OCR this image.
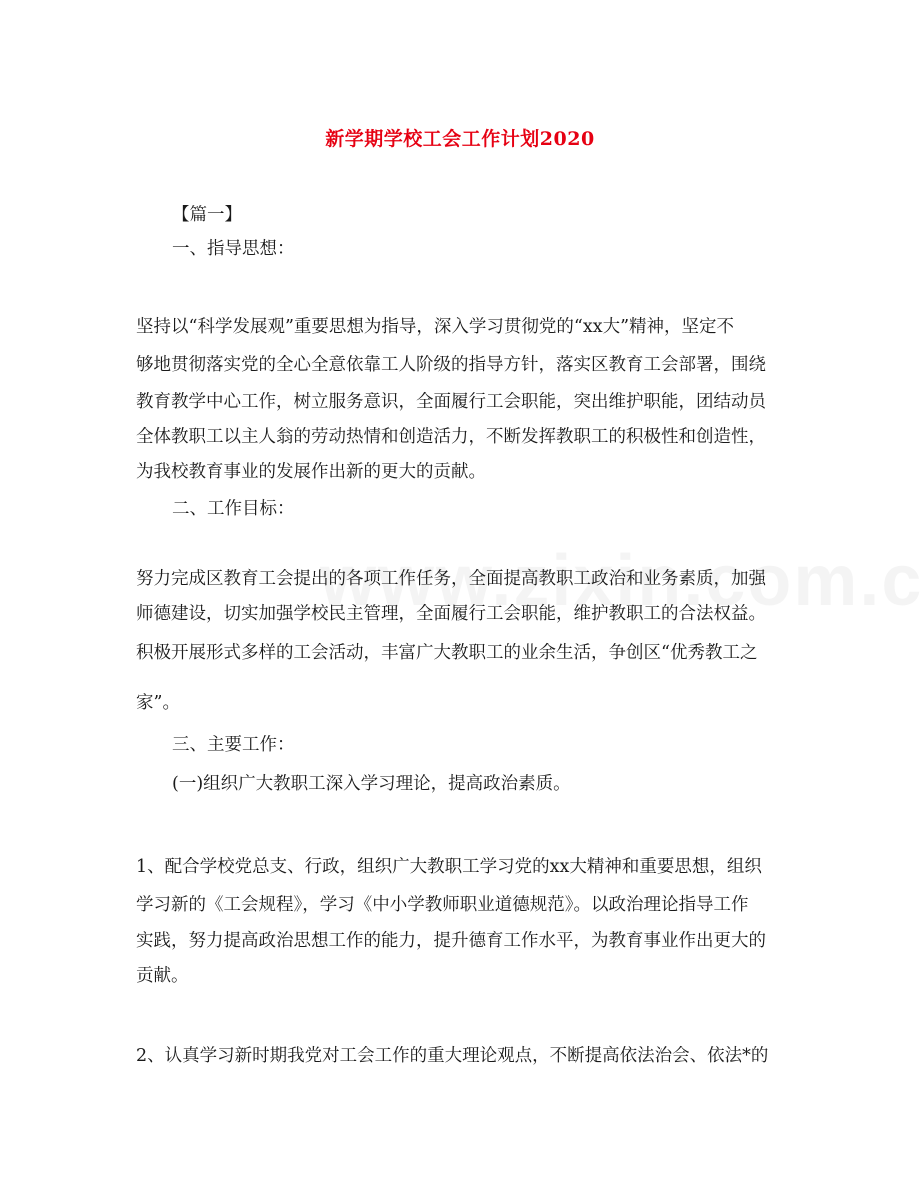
新学期学校工会工作计划2020
【篇一】
一、指导思想：
坚持以“科学发展观”重要思想为指导，深入学习贯彻党的“xx大”精神，坚定不
够地贯彻落实党的全心全意依靠工人阶级的指导方针，落实区教育工会部署，围绕
教育教学中心工作，树立服务意识，全面履行工会职能，突出维护职能，团结动员
全体教职工以主人翁的劳动热情和创造活力，不断发挥教职工的积极性和创造性，
为我校教育事业的发展作出新的更大的贡献。
二、工作目标：
努力完成区教育工会提出的各项工作任务，全面提高教职工政治和业务素质，加强
师德建设，切实加强学校民主管理，全面履行工会职能，维护教职工的合法权益。
积极开展形式多样的工会活动，丰富广大教职工的业余生活，争创区“优秀教工之
家”。
三、主要工作：
(一)组织广大教职工深入学习理论，提高政治素质。
1、配合学校党总支、行政，组织广大教职工学习党的xx大精神和重要思想，组织
学习新的《工会规程》，学习《中小学教师职业道德规范》。以政治理论指导工作
实践，努力提高政治思想工作的能力，提升德育工作水平，为教育事业作出更大的
贡献。
2、认真学习新时期我党对工会工作的重大理论观点，不断提高依法治会、依法*的
